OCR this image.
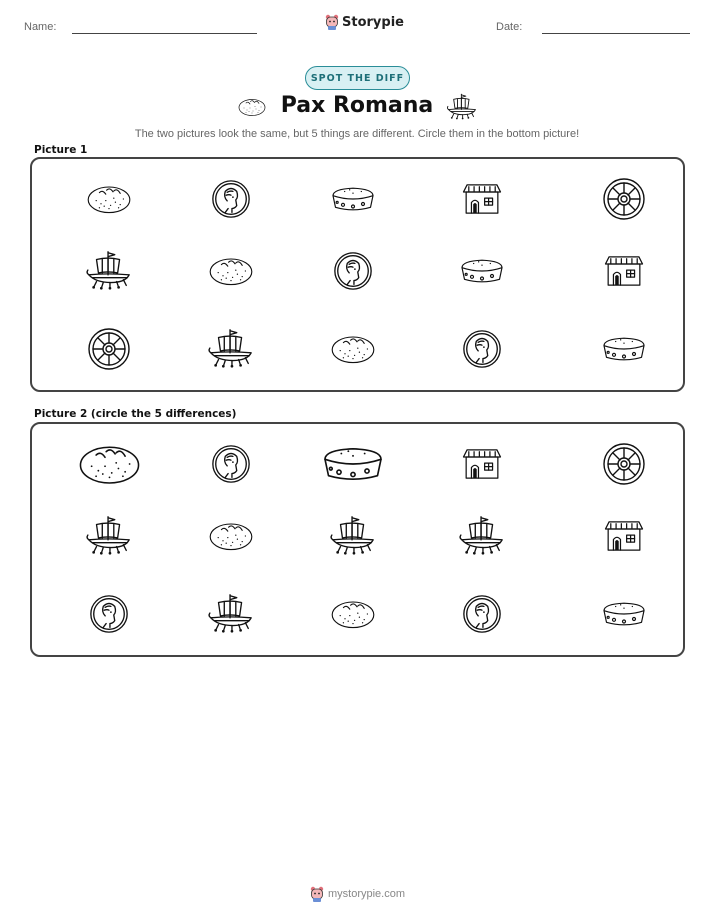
Name:	Storypie	Date:
SPOT THE DIFF
Pax Romana
The two pictures look the same, but 5 things are different. Circle them in the bottom picture!
Picture 1
Picture 2 (circle the 5 differences)
mystorypie.com
